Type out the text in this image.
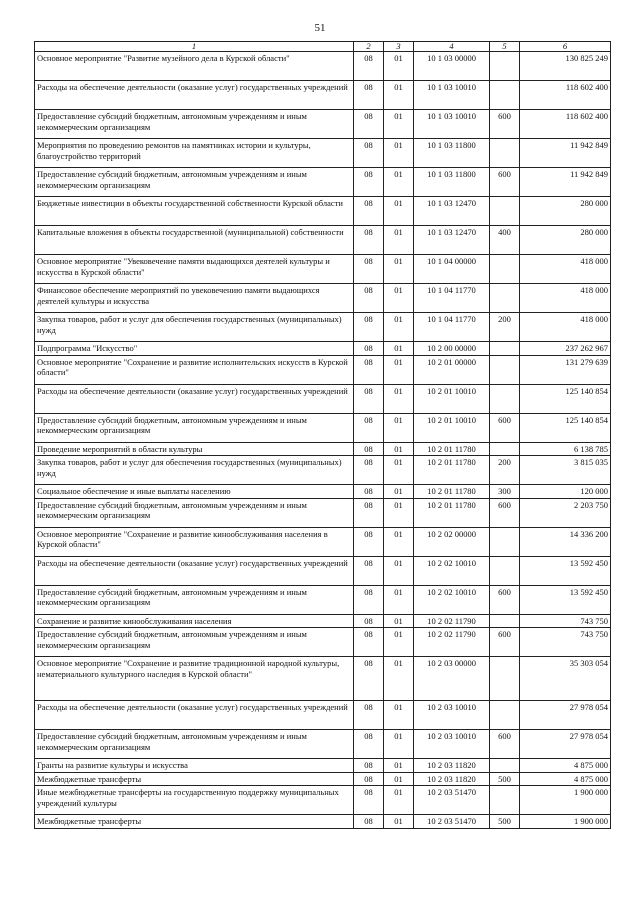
51
1	2	3	4	5	6
Основное мероприятие "Развитие музейного дела в Курской области"	08	01	10 1 03 00000		130 825 249
Расходы на обеспечение деятельности (оказание услуг) государственных учреждений	08	01	10 1 03 10010		118 602 400
Предоставление субсидий бюджетным, автономным учреждениям и иным некоммерческим организациям	08	01	10 1 03 10010	600	118 602 400
Мероприятия по проведению ремонтов на памятниках истории и культуры, благоустройство территорий	08	01	10 1 03 11800		11 942 849
Предоставление субсидий бюджетным, автономным учреждениям и иным некоммерческим организациям	08	01	10 1 03 11800	600	11 942 849
Бюджетные инвестиции в объекты государственной собственности Курской области	08	01	10 1 03 12470		280 000
Капитальные вложения в объекты государственной (муниципальной) собственности	08	01	10 1 03 12470	400	280 000
Основное мероприятие "Увековечение памяти выдающихся деятелей культуры и искусства в Курской области"	08	01	10 1 04 00000		418 000
Финансовое обеспечение мероприятий по увековечению памяти выдающихся деятелей культуры и искусства	08	01	10 1 04 11770		418 000
Закупка товаров, работ и услуг для обеспечения государственных (муниципальных) нужд	08	01	10 1 04 11770	200	418 000
Подпрограмма "Искусство"	08	01	10 2 00 00000		237 262 967
Основное мероприятие "Сохранение и развитие исполнительских искусств в Курской области"	08	01	10 2 01 00000		131 279 639
Расходы на обеспечение деятельности (оказание услуг) государственных учреждений	08	01	10 2 01 10010		125 140 854
Предоставление субсидий бюджетным, автономным учреждениям и иным некоммерческим организациям	08	01	10 2 01 10010	600	125 140 854
Проведение мероприятий в области культуры	08	01	10 2 01 11780		6 138 785
Закупка товаров, работ и услуг для обеспечения государственных (муниципальных) нужд	08	01	10 2 01 11780	200	3 815 035
Социальное обеспечение и иные выплаты населению	08	01	10 2 01 11780	300	120 000
Предоставление субсидий бюджетным, автономным учреждениям и иным некоммерческим организациям	08	01	10 2 01 11780	600	2 203 750
Основное мероприятие "Сохранение и развитие кинообслуживания населения в Курской области"	08	01	10 2 02 00000		14 336 200
Расходы на обеспечение деятельности (оказание услуг) государственных учреждений	08	01	10 2 02 10010		13 592 450
Предоставление субсидий бюджетным, автономным учреждениям и иным некоммерческим организациям	08	01	10 2 02 10010	600	13 592 450
Сохранение и развитие кинообслуживания населения	08	01	10 2 02 11790		743 750
Предоставление субсидий бюджетным, автономным учреждениям и иным некоммерческим организациям	08	01	10 2 02 11790	600	743 750
Основное мероприятие "Сохранение и развитие традиционной народной культуры, нематериального культурного наследия в Курской области"	08	01	10 2 03 00000		35 303 054
Расходы на обеспечение деятельности (оказание услуг) государственных учреждений	08	01	10 2 03 10010		27 978 054
Предоставление субсидий бюджетным, автономным учреждениям и иным некоммерческим организациям	08	01	10 2 03 10010	600	27 978 054
Гранты на развитие культуры и искусства	08	01	10 2 03 11820		4 875 000
Межбюджетные трансферты	08	01	10 2 03 11820	500	4 875 000
Иные межбюджетные трансферты на государственную поддержку муниципальных учреждений культуры	08	01	10 2 03 51470		1 900 000
Межбюджетные трансферты	08	01	10 2 03 51470	500	1 900 000
